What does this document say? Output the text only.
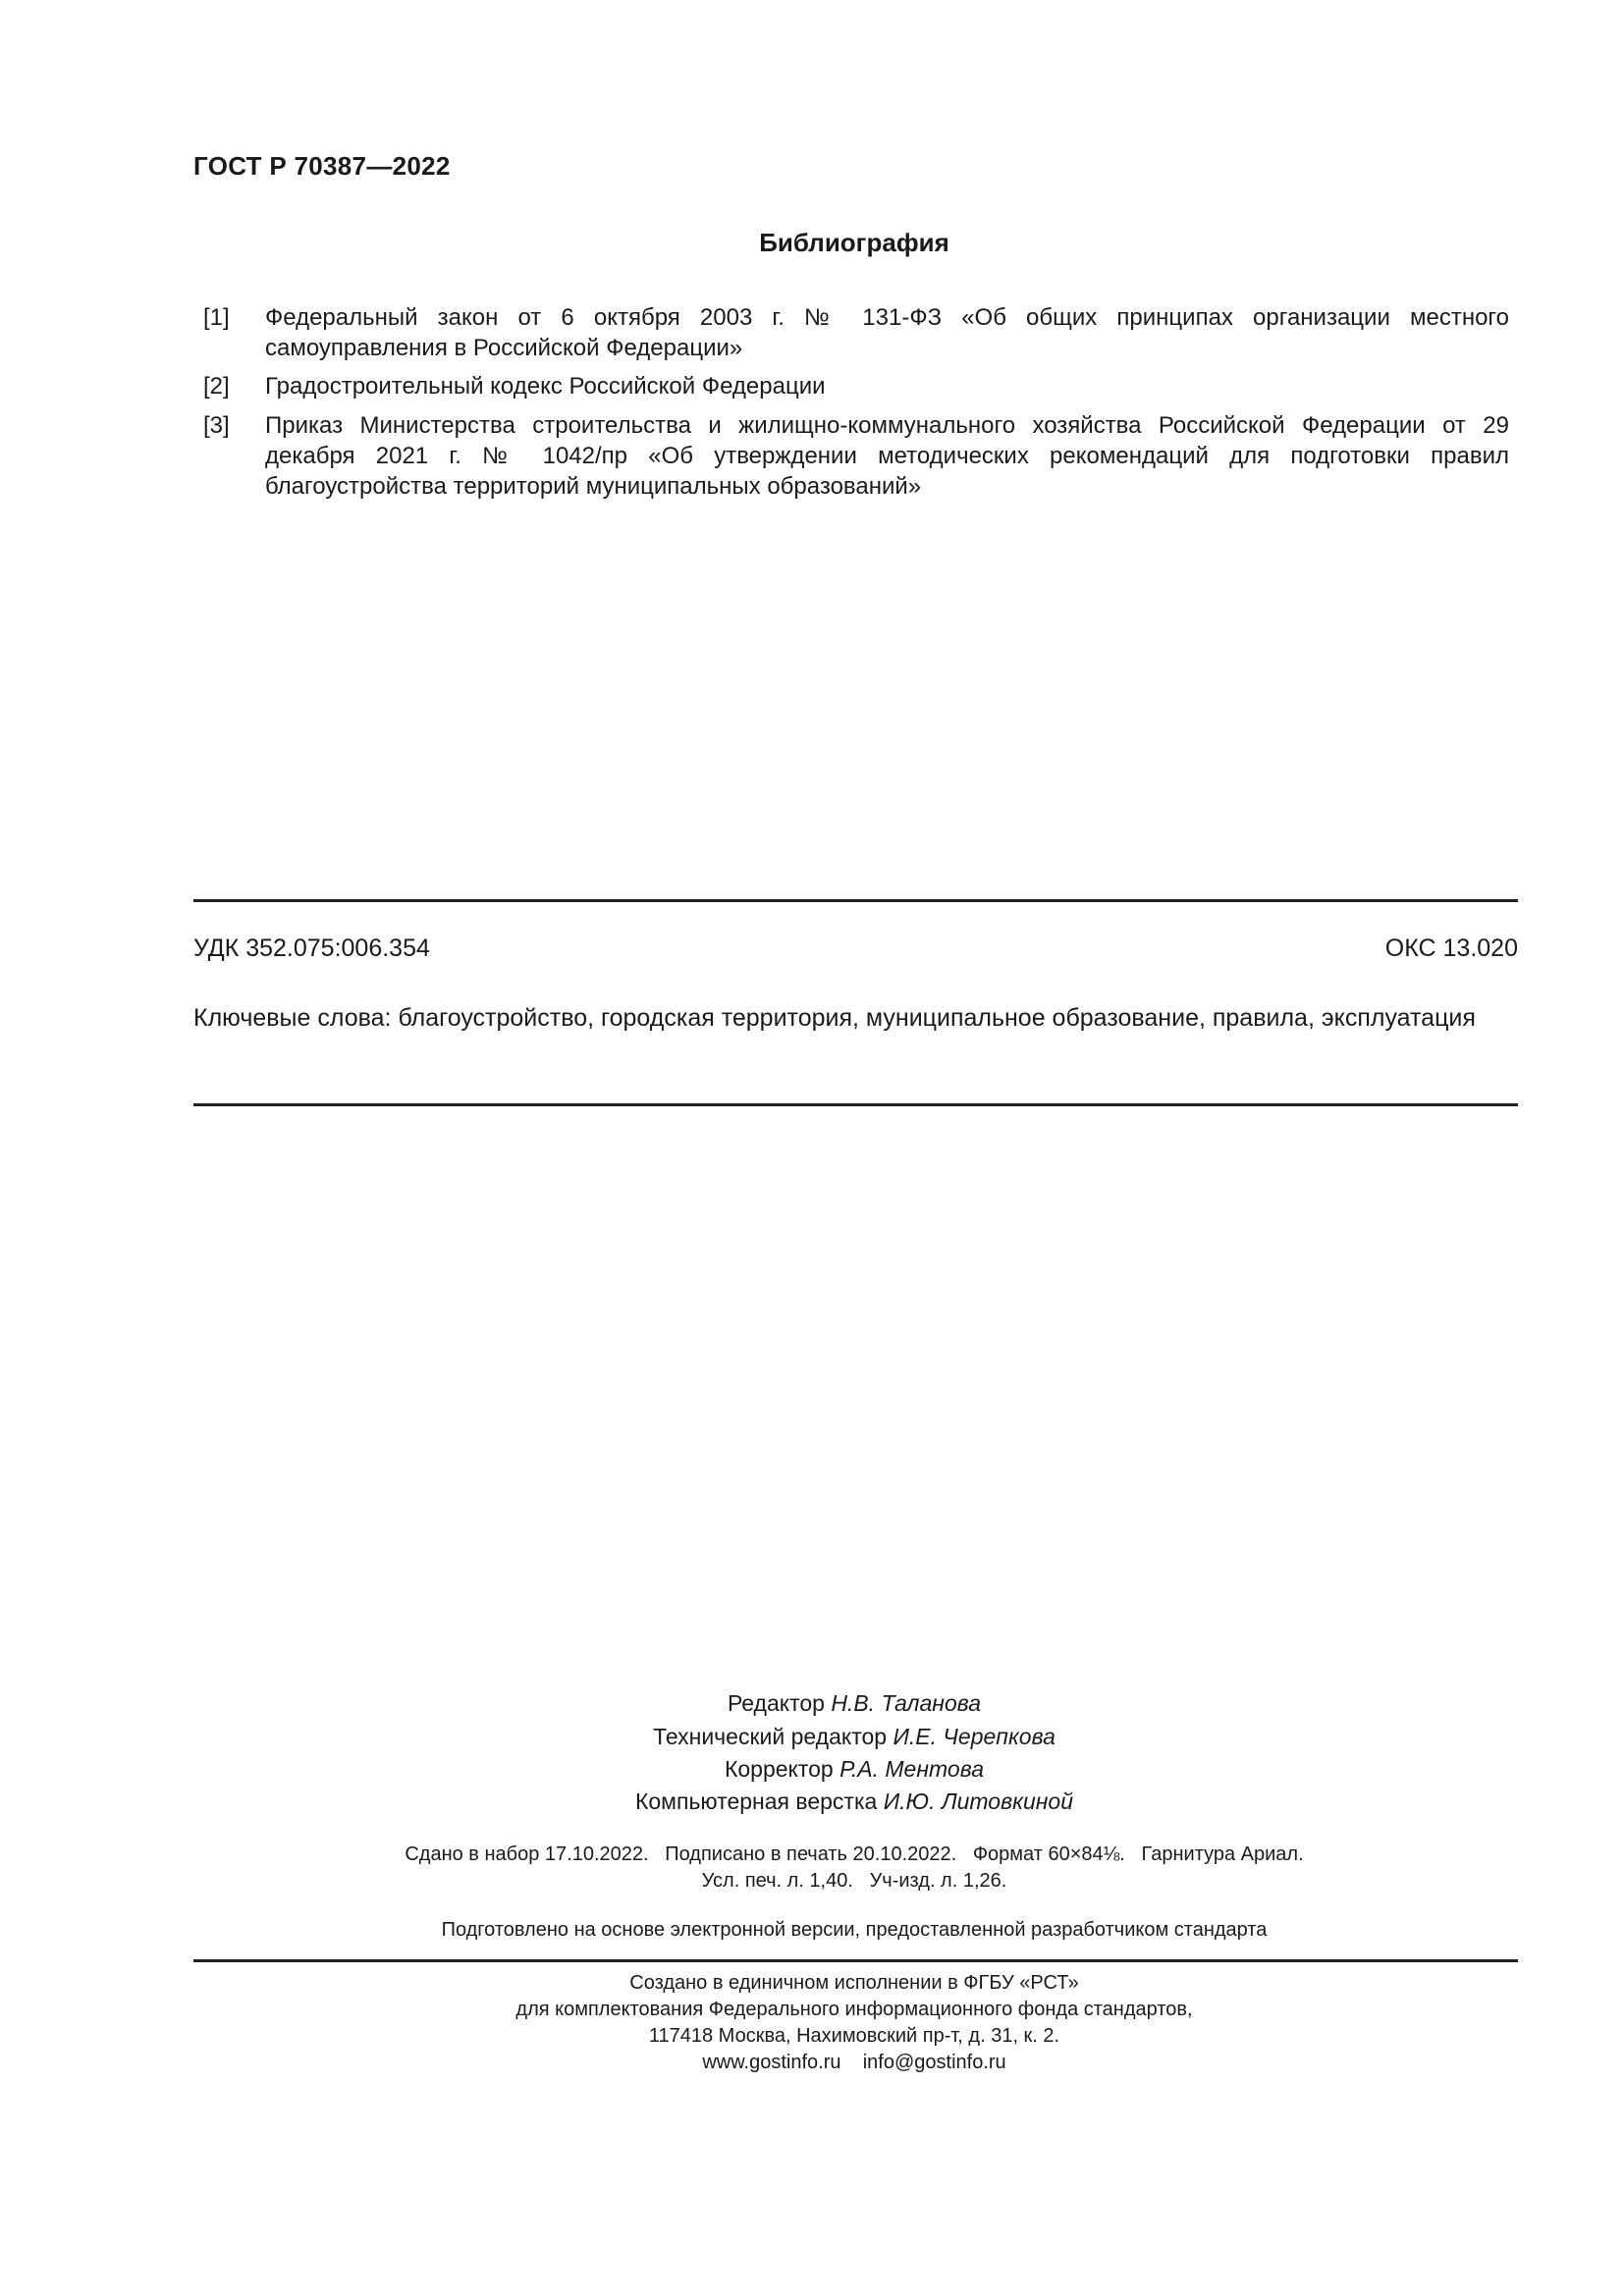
ГОСТ Р 70387—2022
Библиография
[1]	Федеральный закон от 6 октября 2003 г. № 131-ФЗ «Об общих принципах организации местного самоуправления в Российской Федерации»
[2]	Градостроительный кодекс Российской Федерации
[3]	Приказ Министерства строительства и жилищно-коммунального хозяйства Российской Федерации от 29 декабря 2021 г. № 1042/пр «Об утверждении методических рекомендаций для подготовки правил благоустройства территорий муниципальных образований»
УДК 352.075:006.354	ОКС 13.020
Ключевые слова: благоустройство, городская территория, муниципальное образование, правила, эксплуатация
Редактор Н.В. Таланова
Технический редактор И.Е. Черепкова
Корректор Р.А. Ментова
Компьютерная верстка И.Ю. Литовкиной
Сдано в набор 17.10.2022.   Подписано в печать 20.10.2022.   Формат 60×84⅛.   Гарнитура Ариал.
Усл. печ. л. 1,40.   Уч-изд. л. 1,26.
Подготовлено на основе электронной версии, предоставленной разработчиком стандарта
Создано в единичном исполнении в ФГБУ «РСТ»
для комплектования Федерального информационного фонда стандартов,
117418 Москва, Нахимовский пр-т, д. 31, к. 2.
www.gostinfo.ru    info@gostinfo.ru
